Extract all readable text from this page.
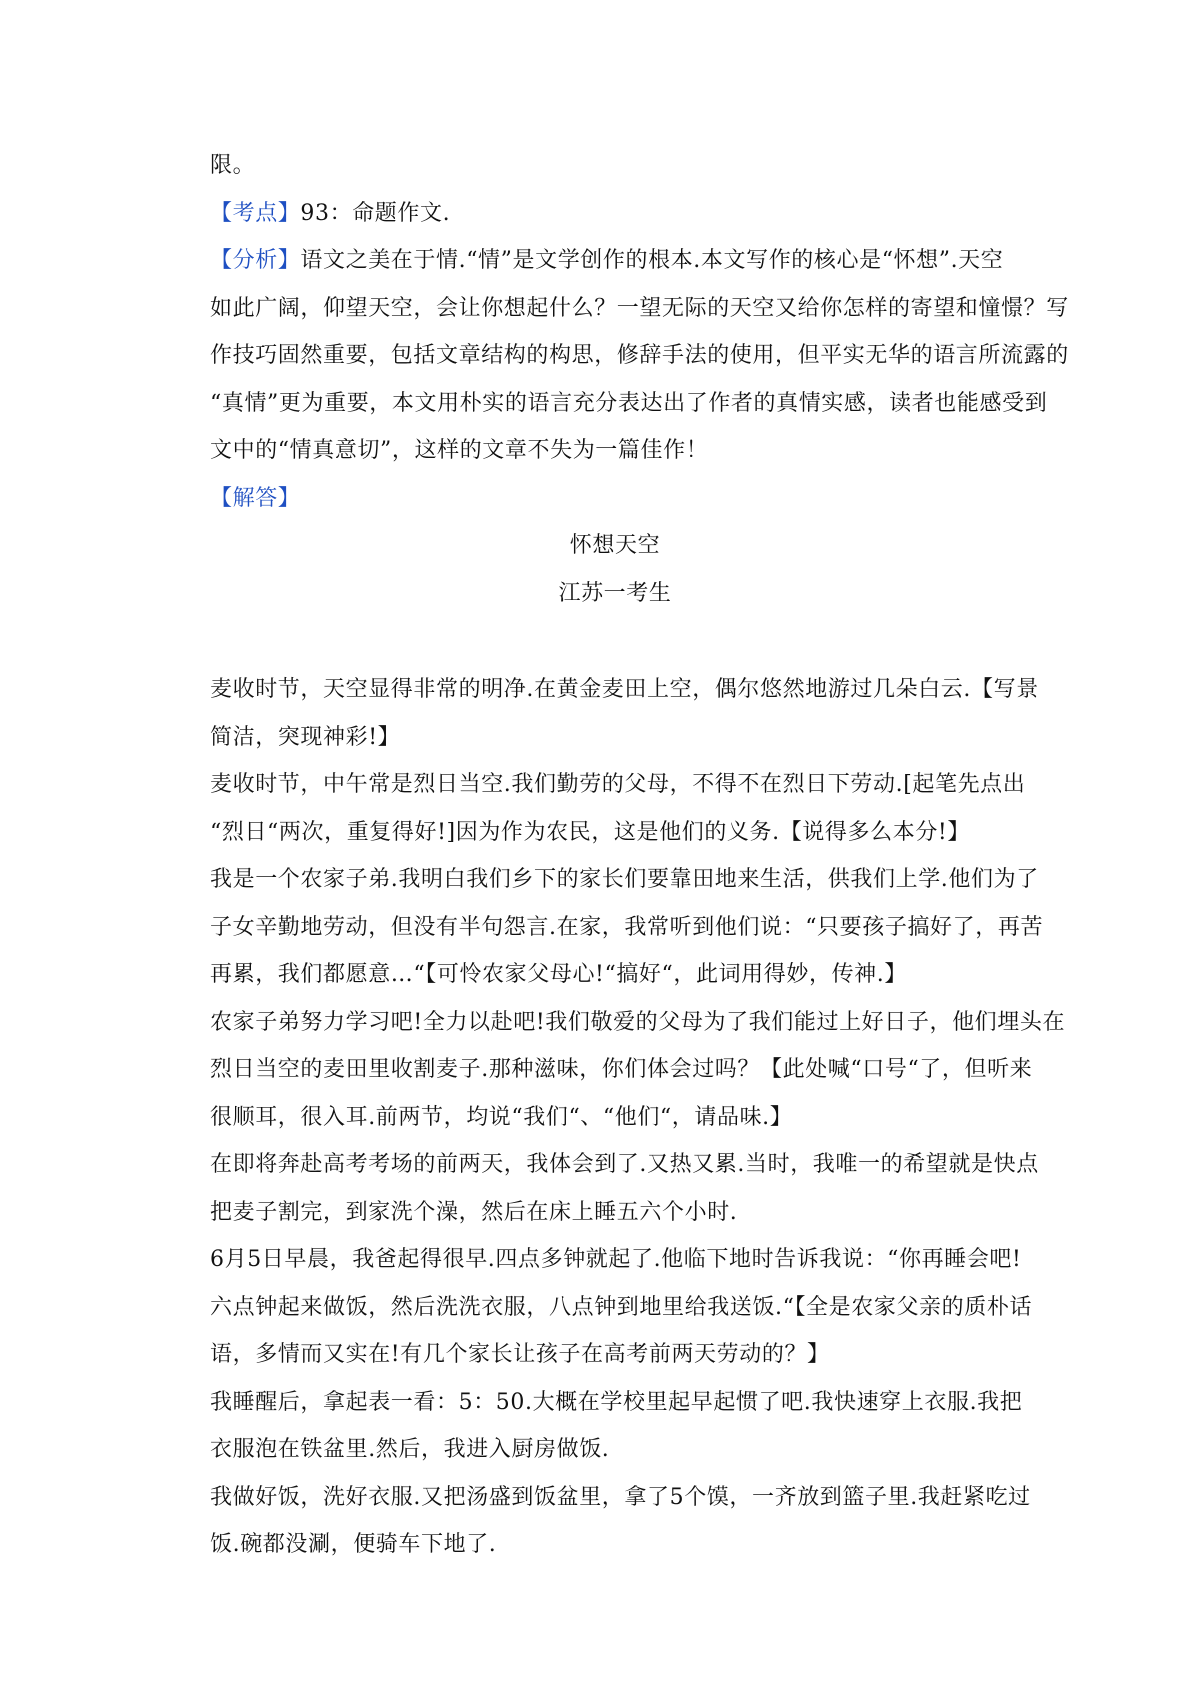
限。
【考点】93：命题作文.
【分析】语文之美在于情.“情”是文学创作的根本.本文写作的核心是“怀想”.天空
如此广阔，仰望天空，会让你想起什么？一望无际的天空又给你怎样的寄望和憧憬？写
作技巧固然重要，包括文章结构的构思，修辞手法的使用，但平实无华的语言所流露的
“真情”更为重要，本文用朴实的语言充分表达出了作者的真情实感，读者也能感受到
文中的“情真意切”，这样的文章不失为一篇佳作！
【解答】
怀想天空
江苏一考生
麦收时节，天空显得非常的明净.在黄金麦田上空，偶尔悠然地游过几朵白云.【写景
简洁，突现神彩!】
麦收时节，中午常是烈日当空.我们勤劳的父母，不得不在烈日下劳动.[起笔先点出
“烈日“两次，重复得好!]因为作为农民，这是他们的义务.【说得多么本分!】
我是一个农家子弟.我明白我们乡下的家长们要靠田地来生活，供我们上学.他们为了
子女辛勤地劳动，但没有半句怨言.在家，我常听到他们说：“只要孩子搞好了，再苦
再累，我们都愿意…“【可怜农家父母心!“搞好“，此词用得妙，传神.】
农家子弟努力学习吧!全力以赴吧!我们敬爱的父母为了我们能过上好日子，他们埋头在
烈日当空的麦田里收割麦子.那种滋味，你们体会过吗？【此处喊“口号“了，但听来
很顺耳，很入耳.前两节，均说“我们“、“他们“，请品味.】
在即将奔赴高考考场的前两天，我体会到了.又热又累.当时，我唯一的希望就是快点
把麦子割完，到家洗个澡，然后在床上睡五六个小时.
6月5日早晨，我爸起得很早.四点多钟就起了.他临下地时告诉我说：“你再睡会吧!
六点钟起来做饭，然后洗洗衣服，八点钟到地里给我送饭.“【全是农家父亲的质朴话
语，多情而又实在!有几个家长让孩子在高考前两天劳动的？】
我睡醒后，拿起表一看：5：50.大概在学校里起早起惯了吧.我快速穿上衣服.我把
衣服泡在铁盆里.然后，我进入厨房做饭.
我做好饭，洗好衣服.又把汤盛到饭盆里，拿了5个馍，一齐放到篮子里.我赶紧吃过
饭.碗都没涮，便骑车下地了.
